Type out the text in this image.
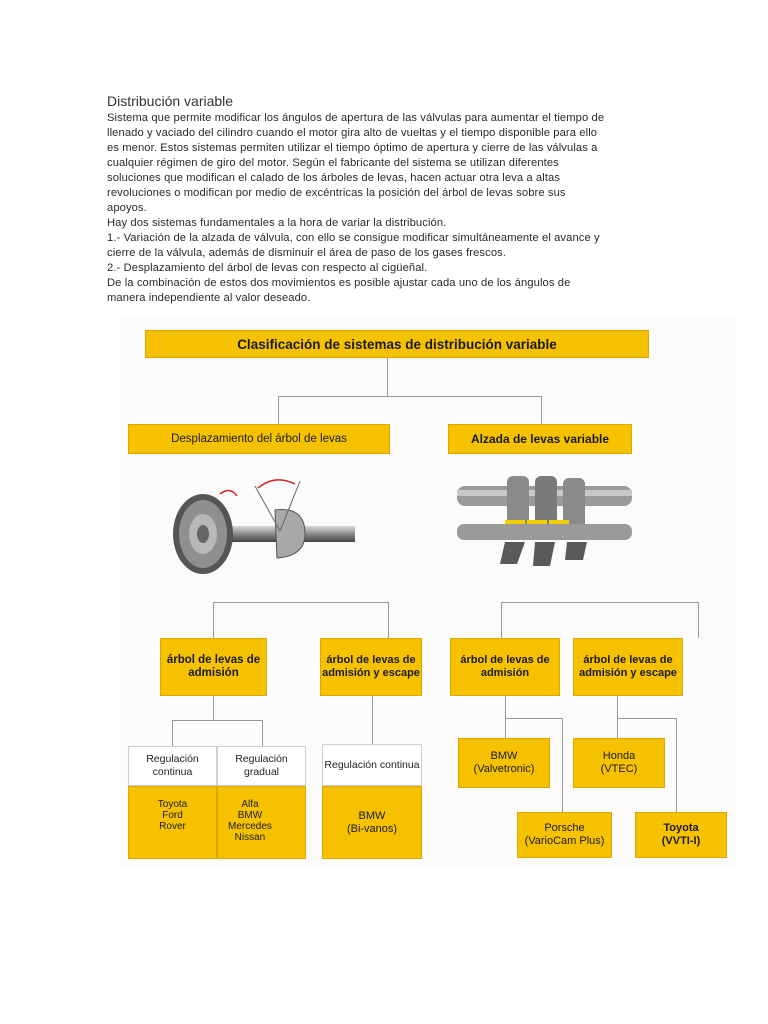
Distribución variable

Sistema que permite modificar los ángulos de apertura de las válvulas para aumentar el tiempo de

llenado y vaciado del cilindro cuando el motor gira alto de vueltas y el tiempo disponible para ello

es menor. Estos sistemas permiten utilizar el tiempo óptimo de apertura y cierre de las válvulas a

cualquier régimen de giro del motor. Según el fabricante del sistema se utilizan diferentes

soluciones que modifican el calado de los árboles de levas, hacen actuar otra leva a altas

revoluciones o modifican por medio de excéntricas la posición del árbol de levas sobre sus

apoyos.

Hay dos sistemas fundamentales a la hora de variar la distribución.

1.- Variación de la alzada de válvula, con ello se consigue modificar simultáneamente el avance y

cierre de la válvula, además de disminuir el área de paso de los gases frescos.

2.- Desplazamiento del árbol de levas con respecto al cigüeñal.

De la combinación de estos dos movimientos es posible ajustar cada uno de los ángulos de

manera independiente al valor deseado.

Clasificación de sistemas de distribución variable
Desplazamiento del árbol de levas	Alzada de levas variable
árbol de levas de admisión
árbol de levas de admisión y escape
árbol de levas de admisión
árbol de levas de admisión y escape
Regulación continua
Regulación gradual
Toyota
Ford
Rover
Alfa
BMW
Mercedes
Nissan
Regulación continua
BMW
(Bi-vanos)
BMW
(Valvetronic)
Honda
(VTEC)
Porsche
(VarioCam Plus)
Toyota
(VVTI-I)
